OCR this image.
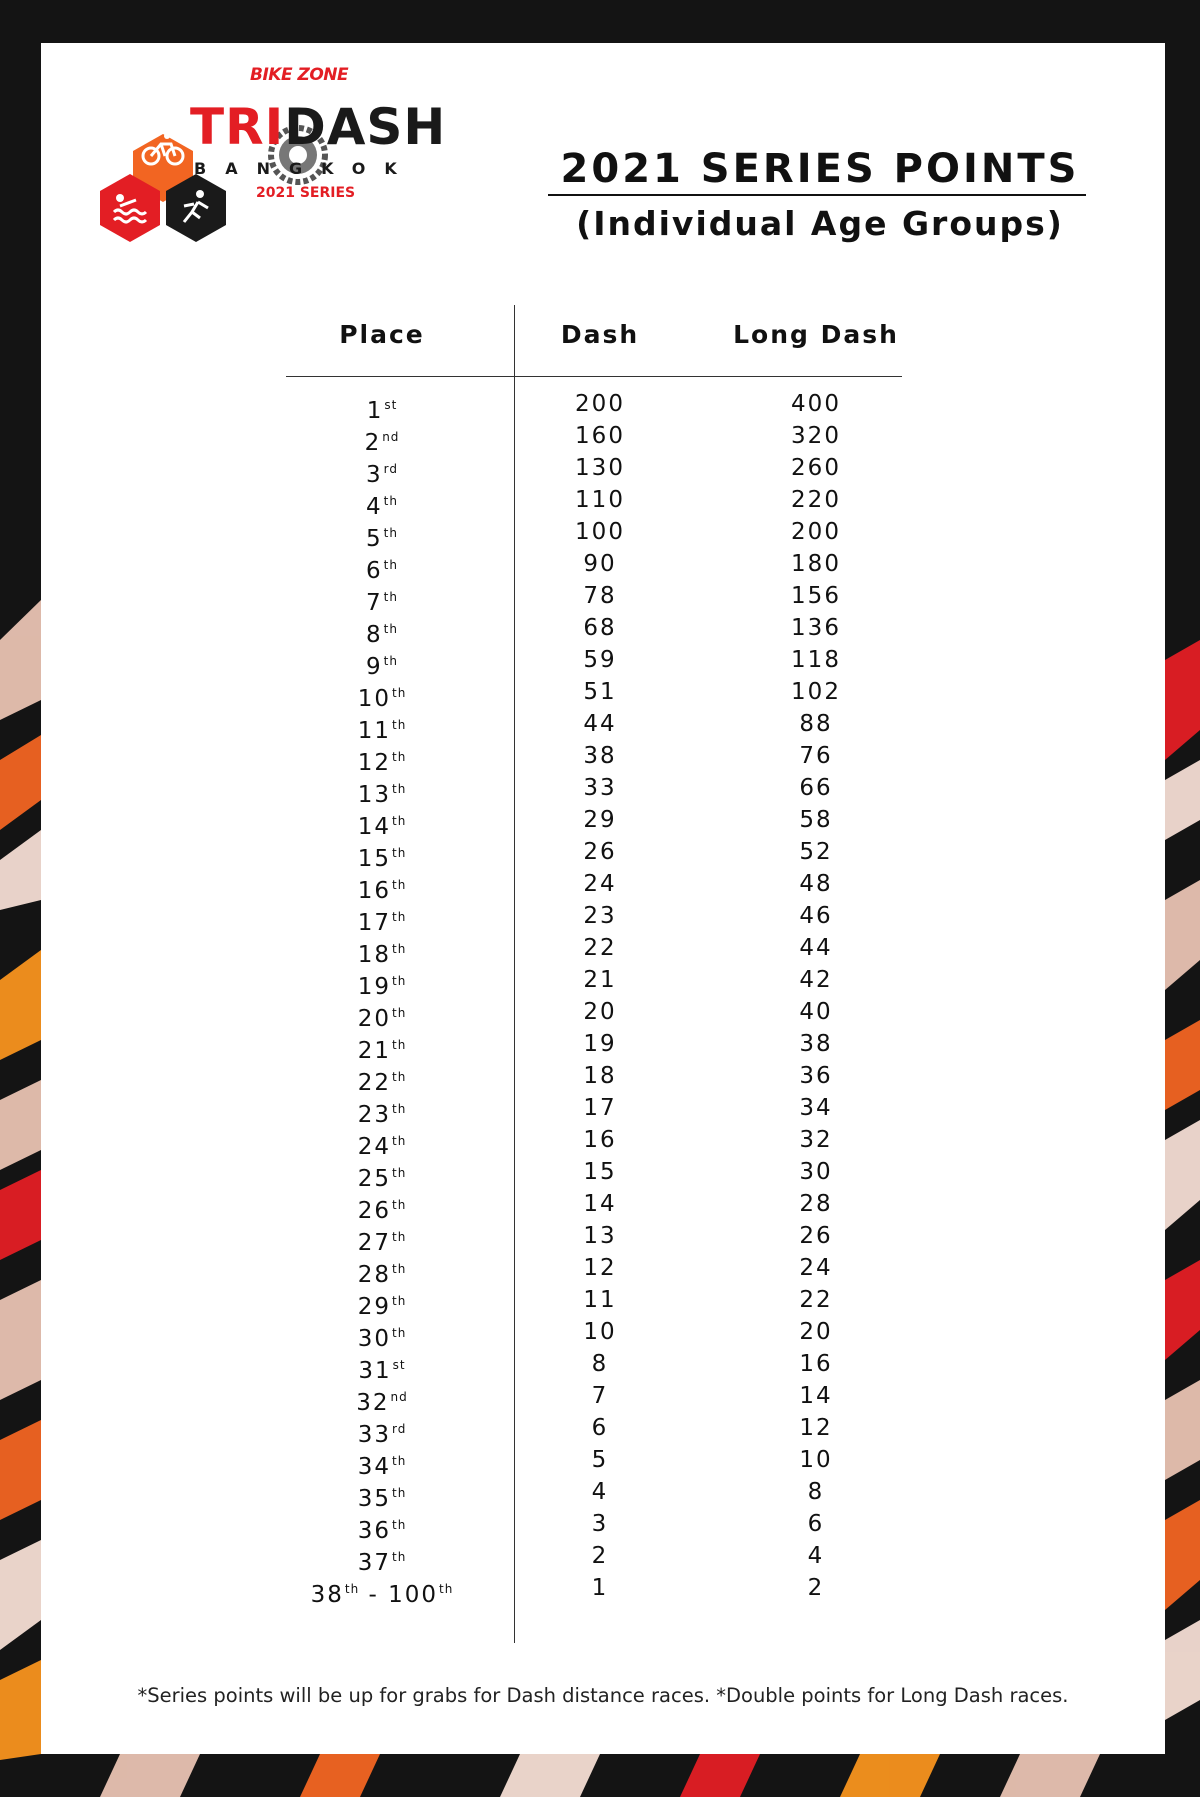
BIKE ZONE
TRIDASH
BANGKOK
2021 SERIES
2021 SERIES POINTS
(Individual Age Groups)
Place	Dash	Long Dash
1st	200	400
2nd	160	320
3rd	130	260
4th	110	220
5th	100	200
6th	90	180
7th	78	156
8th	68	136
9th	59	118
10th	51	102
11th	44	88
12th	38	76
13th	33	66
14th	29	58
15th	26	52
16th	24	48
17th	23	46
18th	22	44
19th	21	42
20th	20	40
21th	19	38
22th	18	36
23th	17	34
24th	16	32
25th	15	30
26th	14	28
27th	13	26
28th	12	24
29th	11	22
30th	10	20
31st	8	16
32nd	7	14
33rd	6	12
34th	5	10
35th	4	8
36th	3	6
37th	2	4
38th - 100th	1	2
*Series points will be up for grabs for Dash distance races. *Double points for Long Dash races.
